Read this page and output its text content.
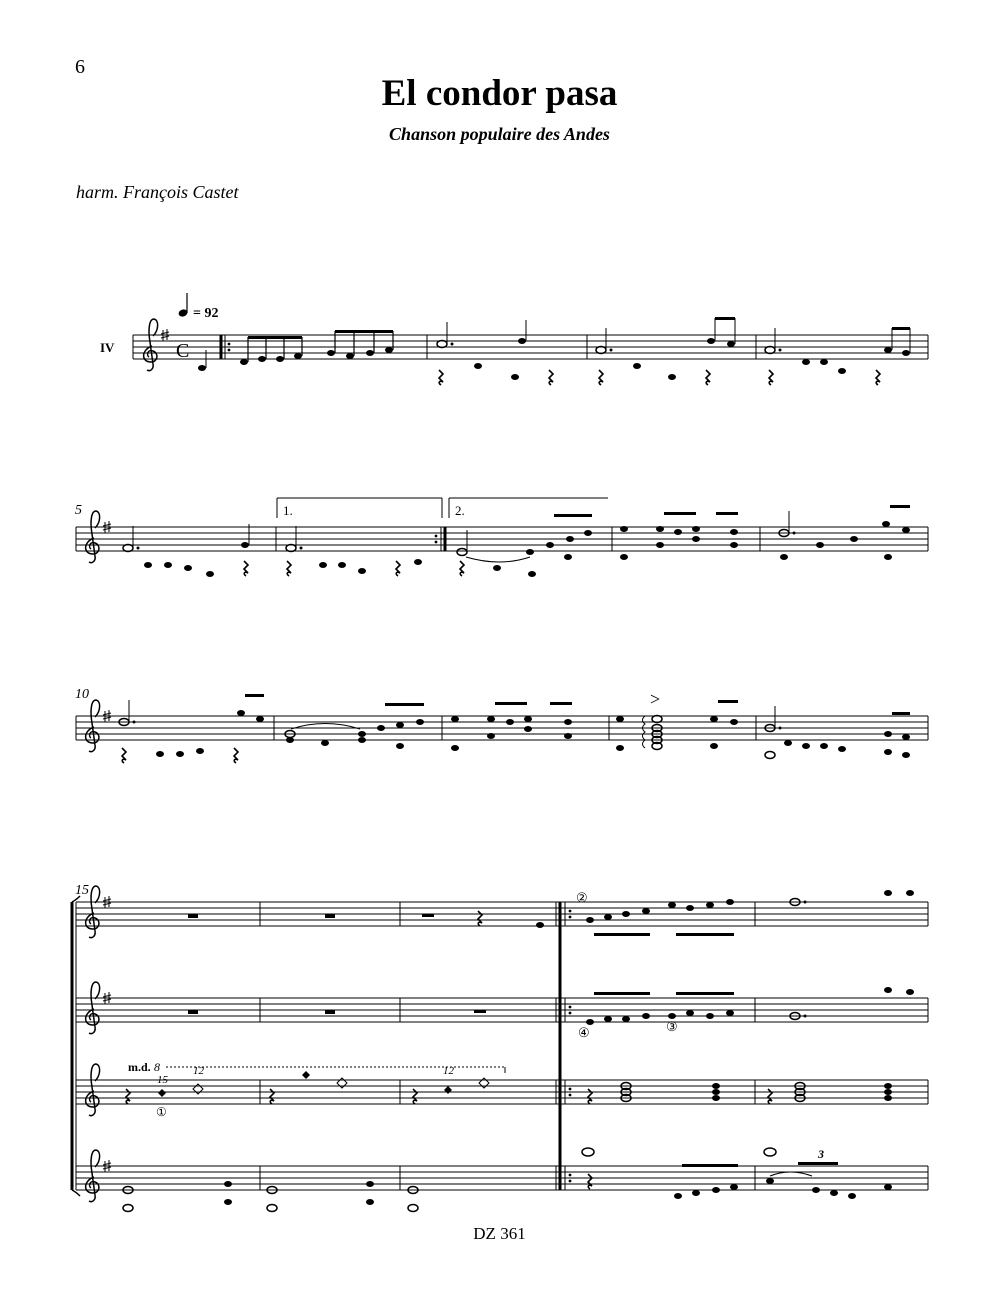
6
El condor pasa
Chanson populaire des Andes
harm. François Castet
C
IV
= 92
5	1.	2.
10	>
15	②
④	③
8
m.d.
15
12	12
①
3
DZ 361
